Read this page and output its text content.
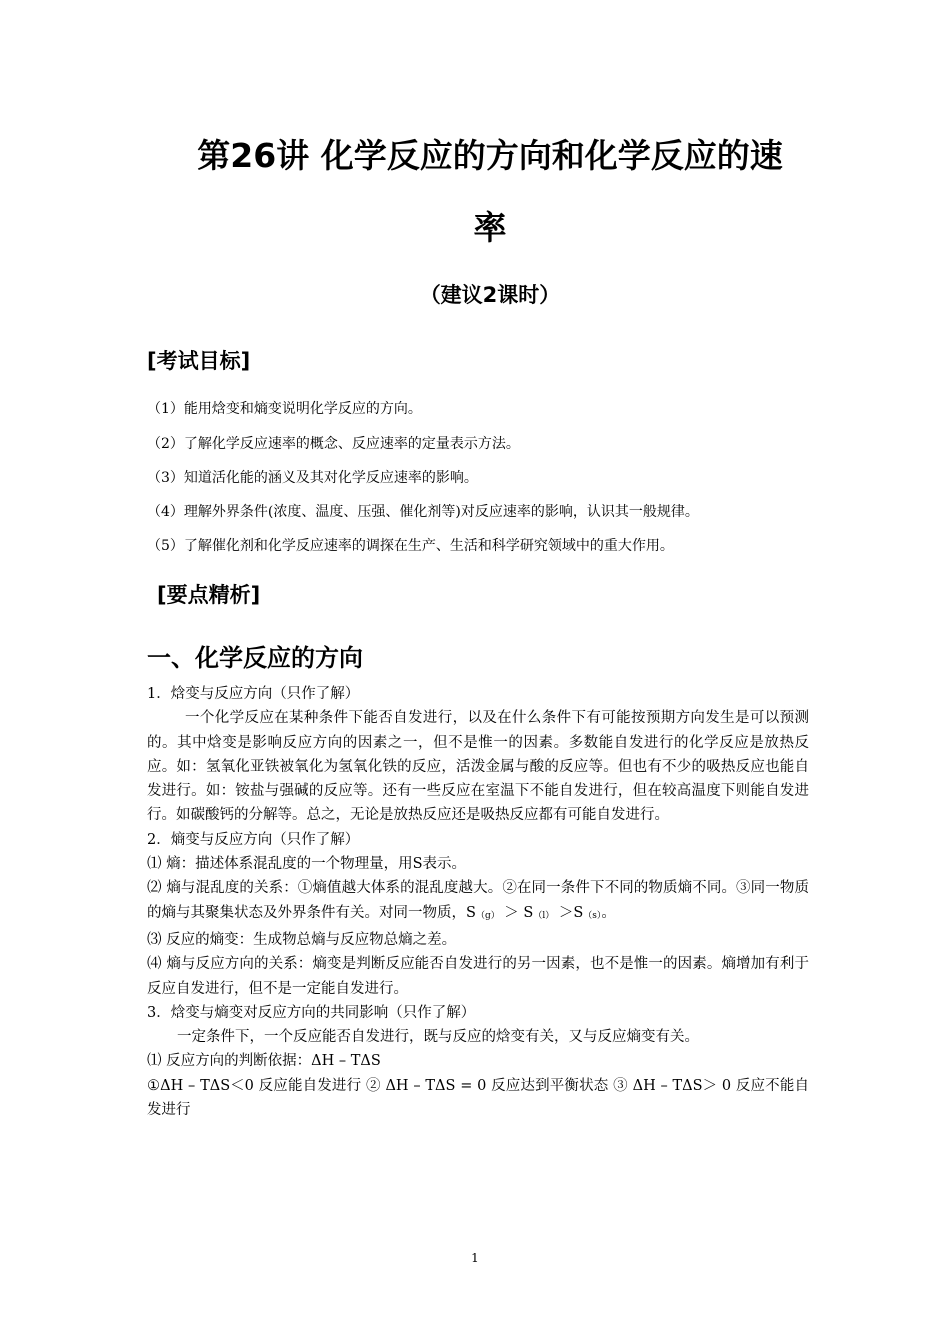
第26讲 化学反应的方向和化学反应的速
率
（建议2课时）
[考试目标]
（1）能用焓变和熵变说明化学反应的方向。
（2）了解化学反应速率的概念、反应速率的定量表示方法。
（3）知道活化能的涵义及其对化学反应速率的影响。
（4）理解外界条件(浓度、温度、压强、催化剂等)对反应速率的影响，认识其一般规律。
（5）了解催化剂和化学反应速率的调探在生产、生活和科学研究领域中的重大作用。
[要点精析]
一、化学反应的方向

1．焓变与反应方向（只作了解）

一个化学反应在某种条件下能否自发进行，以及在什么条件下有可能按预期方向发生是可以预测的。其中焓变是影响反应方向的因素之一，但不是惟一的因素。多数能自发进行的化学反应是放热反应。如：氢氧化亚铁被氧化为氢氧化铁的反应，活泼金属与酸的反应等。但也有不少的吸热反应也能自发进行。如：铵盐与强碱的反应等。还有一些反应在室温下不能自发进行，但在较高温度下则能自发进行。如碳酸钙的分解等。总之，无论是放热反应还是吸热反应都有可能自发进行。

2．熵变与反应方向（只作了解）

⑴ 熵：描述体系混乱度的一个物理量，用S表示。

⑵ 熵与混乱度的关系：①熵值越大体系的混乱度越大。②在同一条件下不同的物质熵不同。③同一物质的熵与其聚集状态及外界条件有关。对同一物质，S（g） ＞ S（l） ＞S（s）。

⑶ 反应的熵变：生成物总熵与反应物总熵之差。

⑷ 熵与反应方向的关系：熵变是判断反应能否自发进行的另一因素，也不是惟一的因素。熵增加有利于反应自发进行，但不是一定能自发进行。

3．焓变与熵变对反应方向的共同影响（只作了解）

一定条件下，一个反应能否自发进行，既与反应的焓变有关，又与反应熵变有关。

⑴ 反应方向的判断依据：ΔH – TΔS

①ΔH – TΔS＜0 反应能自发进行 ② ΔH – TΔS = 0 反应达到平衡状态 ③ ΔH – TΔS＞ 0 反应不能自发进行

1
